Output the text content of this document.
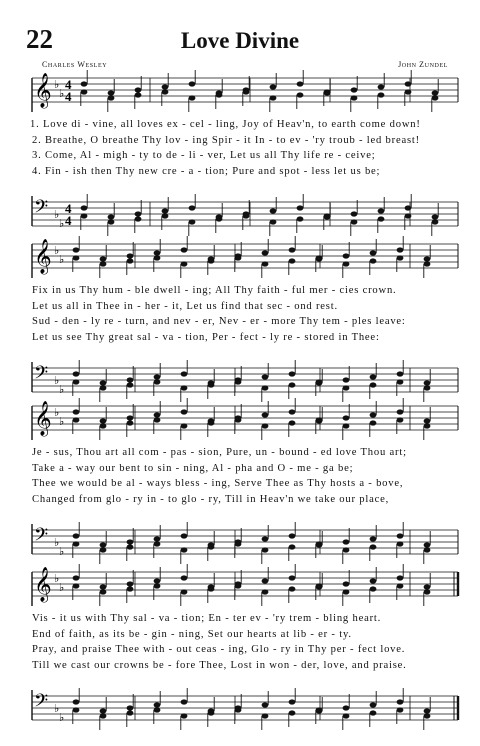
22	Love Divine
Charles Wesley	John Zundel
𝄞 ♭
♭
4
4
𝄢 ♭
♭
4
4
1. Love di - vine, all loves ex - cel - ling, Joy of Heav'n, to earth come down!
2. Breathe, O breathe Thy lov - ing Spir - it In - to ev - 'ry troub - led breast!
3. Come, Al - migh - ty to de - li - ver, Let us all Thy life re - ceive;
4. Fin - ish then Thy new cre - a - tion; Pure and spot - less let us be;
𝄞 ♭
♭
𝄢 ♭
♭
Fix in us Thy hum - ble dwell - ing; All Thy faith - ful mer - cies crown.
Let us all in Thee in - her - it, Let us find that sec - ond rest.
Sud - den - ly re - turn, and nev - er, Nev - er - more Thy tem - ples leave:
Let us see Thy great sal - va - tion, Per - fect - ly re - stored in Thee:
𝄞 ♭
♭
𝄢 ♭
♭
Je - sus, Thou art all com - pas - sion, Pure, un - bound - ed love Thou art;
Take a - way our bent to sin - ning, Al - pha and O - me - ga be;
Thee we would be al - ways bless - ing, Serve Thee as Thy hosts a - bove,
Changed from glo - ry in - to glo - ry, Till in Heav'n we take our place,
𝄞 ♭
♭
𝄢 ♭
♭
Vis - it us with Thy sal - va - tion; En - ter ev - 'ry trem - bling heart.
End of faith, as its be - gin - ning, Set our hearts at lib - er - ty.
Pray, and praise Thee with - out ceas - ing, Glo - ry in Thy per - fect love.
Till we cast our crowns be - fore Thee, Lost in won - der, love, and praise.
